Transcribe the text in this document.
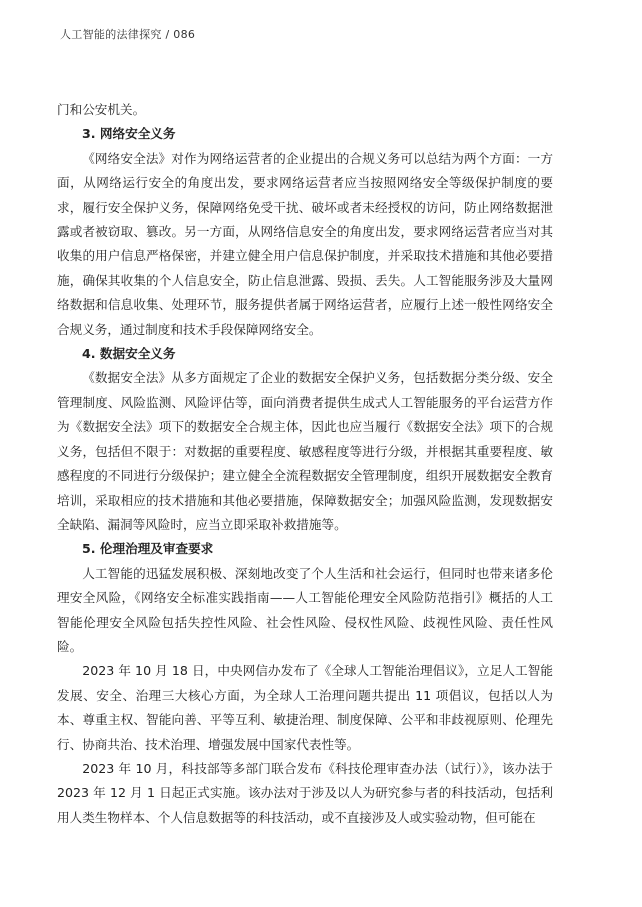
人工智能的法律探究 / 086

门和公安机关。

3. 网络安全义务

《网络安全法》对作为网络运营者的企业提出的合规义务可以总结为两个方面：一方面，从网络运行安全的角度出发，要求网络运营者应当按照网络安全等级保护制度的要求，履行安全保护义务，保障网络免受干扰、破坏或者未经授权的访问，防止网络数据泄露或者被窃取、篡改。另一方面，从网络信息安全的角度出发，要求网络运营者应当对其收集的用户信息严格保密，并建立健全用户信息保护制度，并采取技术措施和其他必要措施，确保其收集的个人信息安全，防止信息泄露、毁损、丢失。人工智能服务涉及大量网络数据和信息收集、处理环节，服务提供者属于网络运营者，应履行上述一般性网络安全合规义务，通过制度和技术手段保障网络安全。

4. 数据安全义务

《数据安全法》从多方面规定了企业的数据安全保护义务，包括数据分类分级、安全管理制度、风险监测、风险评估等，面向消费者提供生成式人工智能服务的平台运营方作为《数据安全法》项下的数据安全合规主体，因此也应当履行《数据安全法》项下的合规义务，包括但不限于：对数据的重要程度、敏感程度等进行分级，并根据其重要程度、敏感程度的不同进行分级保护；建立健全全流程数据安全管理制度，组织开展数据安全教育培训，采取相应的技术措施和其他必要措施，保障数据安全；加强风险监测，发现数据安全缺陷、漏洞等风险时，应当立即采取补救措施等。

5. 伦理治理及审查要求

人工智能的迅猛发展积极、深刻地改变了个人生活和社会运行，但同时也带来诸多伦理安全风险，《网络安全标准实践指南——人工智能伦理安全风险防范指引》概括的人工智能伦理安全风险包括失控性风险、社会性风险、侵权性风险、歧视性风险、责任性风险。

2023 年 10 月 18 日，中央网信办发布了《全球人工智能治理倡议》，立足人工智能发展、安全、治理三大核心方面，为全球人工治理问题共提出 11 项倡议，包括以人为本、尊重主权、智能向善、平等互利、敏捷治理、制度保障、公平和非歧视原则、伦理先行、协商共治、技术治理、增强发展中国家代表性等。

2023 年 10 月，科技部等多部门联合发布《科技伦理审查办法（试行）》，该办法于 2023 年 12 月 1 日起正式实施。该办法对于涉及以人为研究参与者的科技活动，包括利用人类生物样本、个人信息数据等的科技活动，或不直接涉及人或实验动物，但可能在
